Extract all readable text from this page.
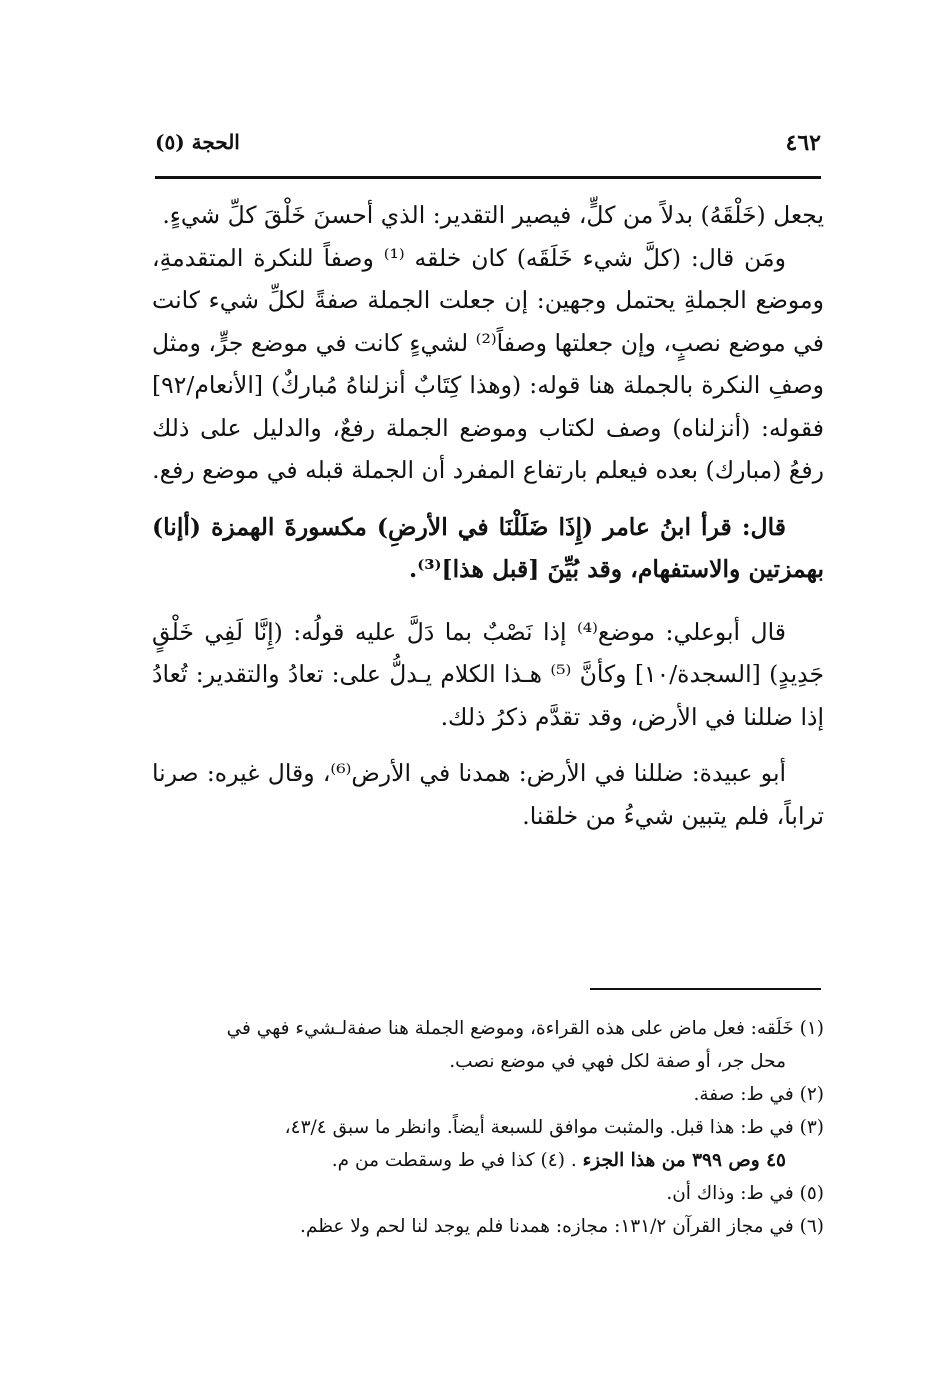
٤٦٢
الحجة (٥)

يجعل (خَلْقَهُ) بدلاً من كلٍّ، فيصير التقدير: الذي أحسنَ خَلْقَ كلِّ شيءٍ.

ومَن قال: (كلَّ شيء خَلَقَه) كان خلقه ⁽¹⁾ وصفاً للنكرة المتقدمةِ، وموضع الجملةِ يحتمل وجهين: إن جعلت الجملة صفةً لكلِّ شيء كانت في موضع نصبٍ، وإن جعلتها وصفاً⁽²⁾ لشيءٍ كانت في موضع جرٍّ، ومثل وصفِ النكرة بالجملة هنا قوله: (وهذا كِتَابٌ أنزلناهُ مُباركٌ) [الأنعام/٩٢] فقوله: (أنزلناه) وصف لكتاب وموضع الجملة رفعٌ، والدليل على ذلك رفعُ (مبارك) بعده فيعلم بارتفاع المفرد أن الجملة قبله في موضع رفع.

قال: قرأ ابنُ عامر (إِذَا ضَلَلْنَا في الأرضِ) مكسورةَ الهمزة (أإنا) بهمزتين والاستفهام، وقد بُيِّنَ [قبل هذا]⁽³⁾.

قال أبوعلي: موضع⁽⁴⁾ إذا نَصْبٌ بما دَلَّ عليه قولُه: (إِنَّا لَفِي خَلْقٍ جَدِيدٍ) [السجدة/١٠] وكأنَّ ⁽⁵⁾ هـذا الكلام يـدلُّ على: تعادُ والتقدير: تُعادُ إذا ضللنا في الأرض، وقد تقدَّم ذكرُ ذلك.

أبو عبيدة: ضللنا في الأرض: همدنا في الأرض⁽⁶⁾، وقال غيره: صرنا تراباً، فلم يتبين شيءُ من خلقنا.

(١) خَلَقه: فعل ماض على هذه القراءة، وموضع الجملة هنا صفةلـشيء فهي في
محل جر، أو صفة لكل فهي في موضع نصب.

(٢) في ط: صفة.

(٣) في ط: هذا قبل. والمثبت موافق للسبعة أيضاً. وانظر ما سبق ٤٣/٤،
٤٥ وص ٣٩٩ من هذا الجزء . (٤) كذا في ط وسقطت من م.

(٥) في ط: وذاك أن.

(٦) في مجاز القرآن ١٣١/٢: مجازه: همدنا فلم يوجد لنا لحم ولا عظم.
